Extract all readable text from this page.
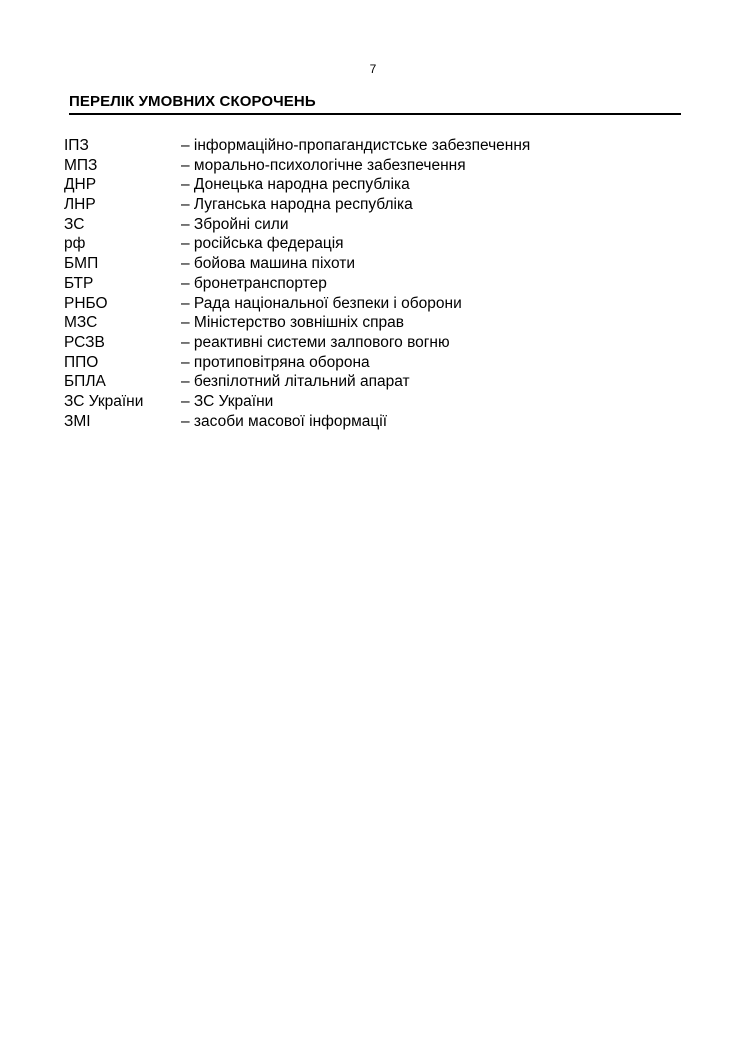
7
ПЕРЕЛІК УМОВНИХ СКОРОЧЕНЬ
ІПЗ	– інформаційно-пропагандистське забезпечення
МПЗ	– морально-психологічне забезпечення
ДНР	– Донецька народна республіка
ЛНР	– Луганська народна республіка
ЗС	– Збройні сили
рф	– російська федерація
БМП	– бойова машина піхоти
БТР	– бронетранспортер
РНБО	– Рада національної безпеки і оборони
МЗС	– Міністерство зовнішніх справ
РСЗВ	– реактивні системи залпового вогню
ППО	– протиповітряна оборона
БПЛА	– безпілотний літальний апарат
ЗС України	– ЗС України
ЗМІ	– засоби масової інформації
